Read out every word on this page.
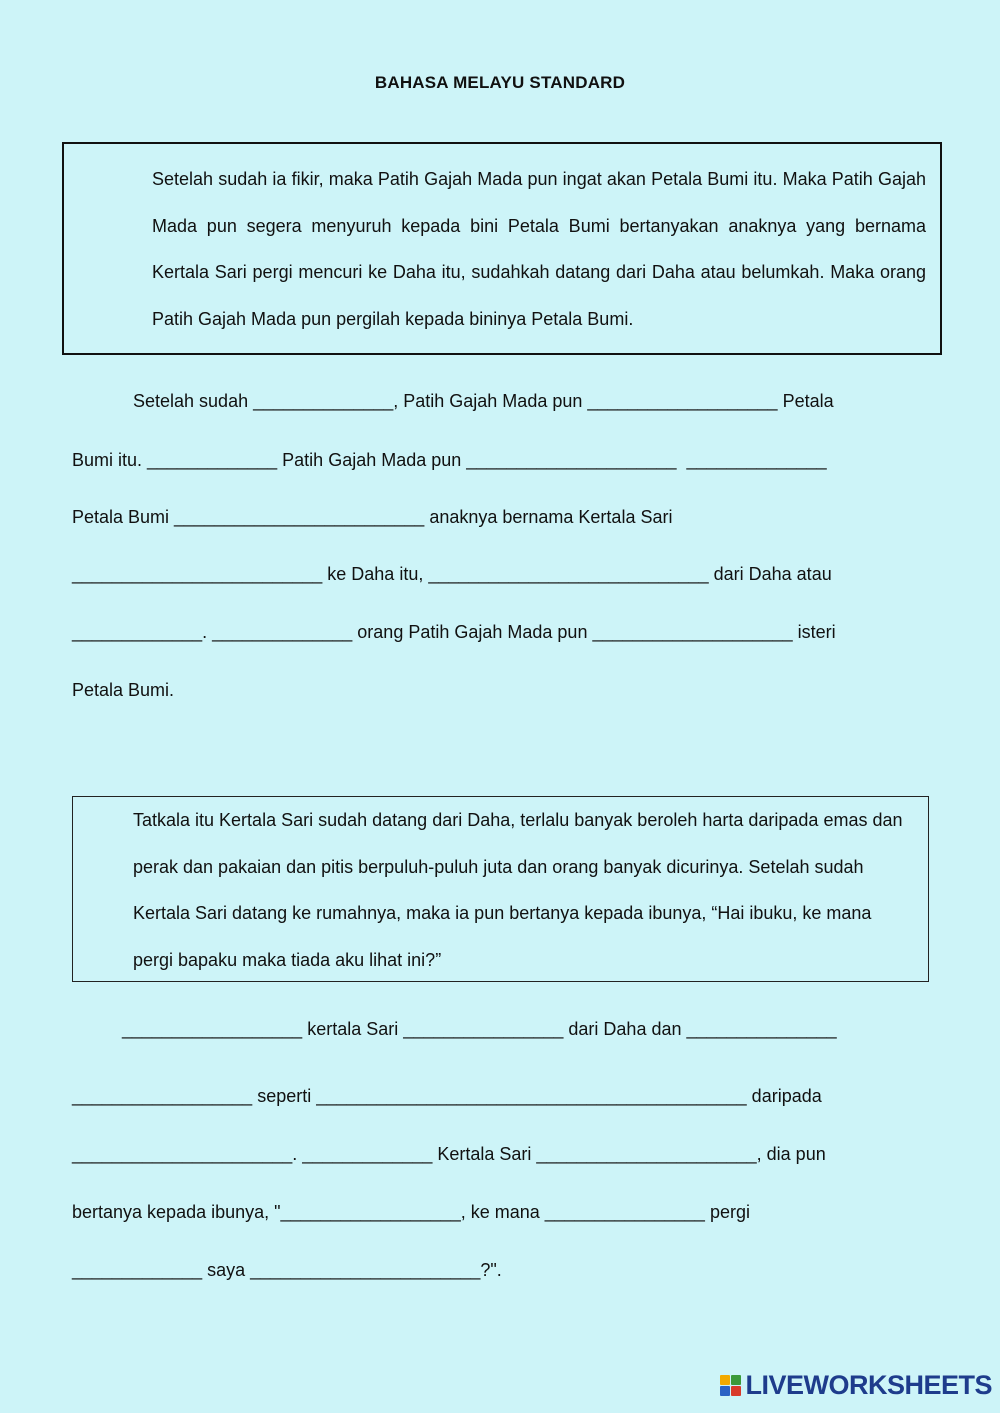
BAHASA MELAYU STANDARD
Setelah sudah ia fikir, maka Patih Gajah Mada pun ingat akan Petala Bumi itu. Maka Patih Gajah Mada pun segera menyuruh kepada bini Petala Bumi bertanyakan anaknya yang bernama Kertala Sari pergi mencuri ke Daha itu, sudahkah datang dari Daha atau belumkah. Maka orang Patih Gajah Mada pun pergilah kepada bininya Petala Bumi.
Setelah sudah ______________, Patih Gajah Mada pun ___________________ Petala
Bumi itu. _____________ Patih Gajah Mada pun _____________________  ______________
Petala Bumi _________________________ anaknya bernama Kertala Sari
_________________________ ke Daha itu, ____________________________ dari Daha atau
_____________. ______________ orang Patih Gajah Mada pun ____________________ isteri
Petala Bumi.
Tatkala itu Kertala Sari sudah datang dari Daha, terlalu banyak beroleh harta daripada emas dan perak dan pakaian dan pitis berpuluh-puluh juta dan orang banyak dicurinya. Setelah sudah Kertala Sari datang ke rumahnya, maka ia pun bertanya kepada ibunya, “Hai ibuku, ke mana pergi bapaku maka tiada aku lihat ini?”
__________________ kertala Sari ________________ dari Daha dan _______________
__________________ seperti ___________________________________________ daripada
______________________. _____________ Kertala Sari ______________________, dia pun
bertanya kepada ibunya, "__________________, ke mana ________________ pergi
_____________ saya _______________________?".
LIVEWORKSHEETS
